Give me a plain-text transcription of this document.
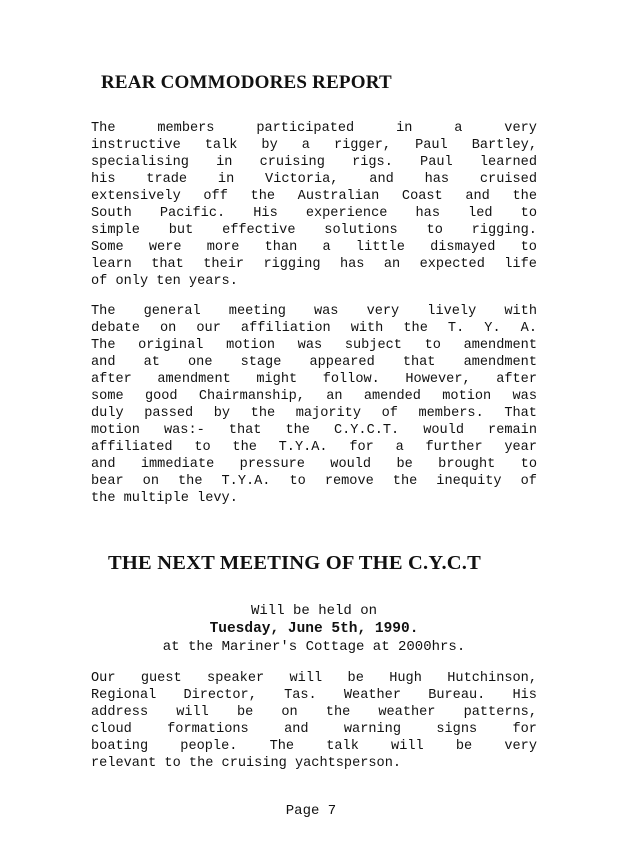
REAR COMMODORES REPORT
The	members	participated	in	a	very
instructive talk by a rigger, Paul Bartley,
specialising in cruising rigs. Paul learned
his trade in Victoria, and has cruised
extensively off the Australian Coast and the
South Pacific. His experience has led to
simple but effective solutions to rigging.
Some were more than a little dismayed to
learn that their rigging has an expected life
of only ten years.
The general meeting was very lively with
debate on our affiliation with the T. Y. A.
The original motion was subject to amendment
and at one stage appeared that amendment
after amendment might follow. However, after
some good Chairmanship, an amended motion was
duly passed by the majority of members. That
motion was:- that the C.Y.C.T. would remain
affiliated to the T.Y.A. for a further year
and immediate pressure would be brought to
bear on the T.Y.A. to remove the inequity of
the multiple levy.
THE NEXT MEETING OF THE C.Y.C.T
Will be held on
Tuesday, June 5th, 1990.
at the Mariner's Cottage at 2000hrs.
Our guest speaker will be Hugh Hutchinson,
Regional Director, Tas. Weather Bureau. His
address will be on the weather patterns,
cloud	formations	and	warning	signs	for
boating people. The talk will be very
relevant to the cruising yachtsperson.
Page 7
